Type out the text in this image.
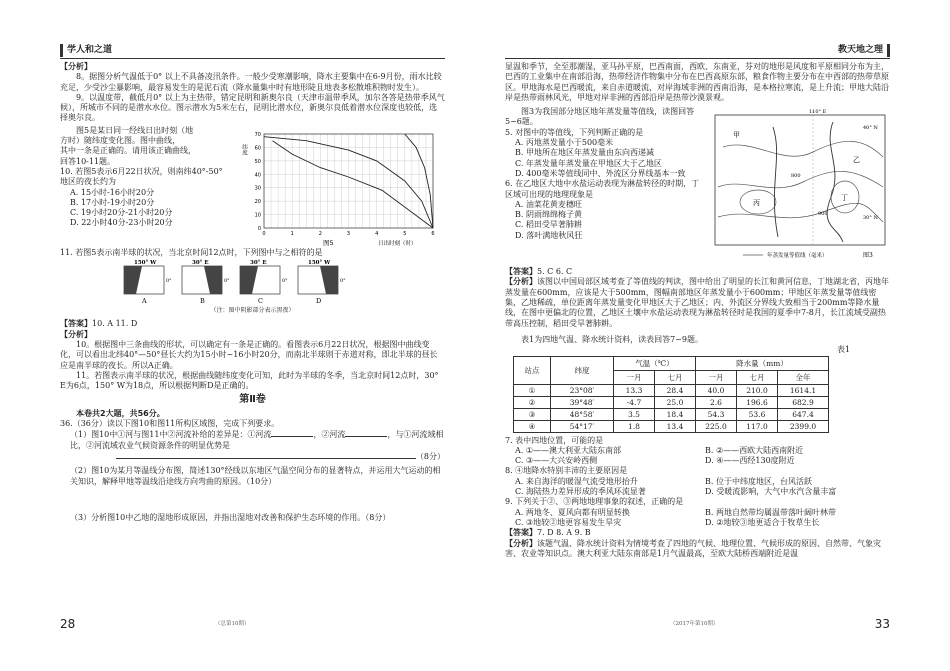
学人和之道

【分析】

8。据图分析气温低于0° 以上不具备凌汛条件。一般少受寒潮影响，降水主要集中在6-9月份，雨水比较充足，少受沙尘暴影响，最容易发生的是泥石流（降水量集中时有地形陡且地表多松散堆积物时发生）。

9。以温度带，截低月0° 以上为主热带，错定昆明和新奥尔良（天津市温带季风，加尔各答是热带季风气候），所城市不同的是潜水水位。图示潜水为5米左右，昆明比潜水位，新奥尔良低着潜水位深度也较低，选择奥尔良。

图5是某日同一经线日出时刻（地

方时）随纬度变化图。图中曲线，

其中一条是正确的。请用该正确曲线，

回答10-11题。

10. 若图5表示6月22日状况，则南纬40°-50°地区的夜长约为

A. 15小时-16小时20分

B. 17小时-19小时20分

C. 19小时20分-21小时20分

D. 22小时40分-23小时20分

0
10
20
30
40
50
60
70
0	1	2	3	4	5	6
纬度
图5	日出时刻（时）

11. 若图5表示南半球的状况，当北京时间12点时，下列图中与之相符的是

150° W
0°
A
30° E
0°
B
30° E
0°
C
150° W
0°
D

（注：图中阴影部分表示黑夜）

【答案】10. A 11. D

【分析】

10。根据图中三条曲线的形状，可以确定有一条是正确的。看图表示6月22日状况，根据图中曲线变化，可以看出北纬40°—50°昼长大约为15小时~16小时20分，而南北半球则于赤道对称，即北半球的昼长应是南半球的夜长。所以A正确。

11。若图表示南半球的状况，根据曲线随纬度变化可知，此时为半球的冬季，当北京时间12点时，30° E为6点，150° W为18点，所以根据判断D是正确的。

第Ⅱ卷

本卷共2大题，共56分。

36.（36分）读以下图10和图11所构区域图，完成下列要求。

（1）图10中①河与图11中②河流补给的差异是：①河流	，②河流	，与①河流域相比，②河流域农业气候资源条件的明显优势是

（8分）

（2）图10为某月等温线分布图，简述130°经线以东地区气温空间分布的显著特点，并运用大气运动的相关知识，解释甲地等温线沿途线方向弯曲的原因。（10分）

（3）分析图10中乙地的湿地形成原因，并指出湿地对改善和保护生态环境的作用。（8分）

28	（总第10期）
教天地之理

显温和季节，全至那潮湿，亚马孙平原，巴西南面，西欧、东南亚，芬对的地形是风度和平原相同分布为主，巴西的工业集中在南部沿海，热带经济作物集中分布在巴西高原东部，粮食作物主要分布在中西部的热带草原区。甲地海水是巴西暖流，来自赤道暖流，对岸海域非洲的西南沿海，是本格拉寒流，是上升流；甲地大陆沿岸是热带雨林风光，甲地对岸非洲的西部沿岸是热带沙漠景观。

图3为我国部分地区地年蒸发量等值线，读图回答5~6题。

5. 对图中的等值线，下列判断正确的是

A. 丙地蒸发量小于500毫米

B. 甲地所在地区年蒸发量由东向西递减

C. 年蒸发量年蒸发量在甲地区大于乙地区

D. 400毫米等值线同中、外流区分界线基本一致

6. 在乙地区大地中水盐运动表现为淋盐转径的时期，丁区域可出现的地理现象是

A. 油菜花黄麦穗旺

B. 阴雨绵绵梅子黄

C. 稻田受旱著肺耕

D. 落叶满地秋风狂

110° E
40° N
30° N
甲
乙
丙
丁
800
900
年蒸发量等值线（毫米）	图3

【答案】5. C 6. C

【分析】该图以中国局部区域考查了等值线的判读，图中给出了明显的长江和黄河信息，丁地湖北省，丙地年蒸发量在600mm，应该是大于500mm，图幅南部地区年蒸发量小于600mm；甲地区年蒸发量等值线密集，乙地稀疏，单位距离年蒸发量变化甲地区大于乙地区；内、外流区分界线大致相当于200mm等降水量线，在图中更偏北的位置，乙地区土壤中水盐运动表现为淋盐转径时是我国的夏季中7-8月，长江流域受副热带高压控制，稻田受旱著肺耕。

表1为四地气温、降水统计资料，读表回答7~9题。

表1

站点	纬度	气温（℃）		降水量（mm）		
		一月	七月	一月	七月	全年
①	23°08′	13.3	28.4	40.0	210.0	1614.1
②	39°48′	-4.7	25.0	2.6	196.6	682.9
③	48°58′	3.5	18.4	54.3	53.6	647.4
④	54°17′	1.8	13.4	225.0	117.0	2399.0

7. 表中四地位置，可能的是

A. ①——澳大利亚大陆东南部

C. ③——大兴安岭西侧

B. ②——西欧大陆西南附近

D. ④——西经130度附近

8. ④地降水特别丰沛的主要原因是

A. 来自海洋的暖湿气流受地形抬升

C. 海陆热力差异形成的季风环流显著

B. 位于中纬度地区，台风活跃

D. 受暖流影响，大气中水汽含量丰富

9. 下列关于②、③两地地理事象的叙述，正确的是

A. 两地冬、夏风向都有明显转换

C. ③地较②地更容易发生旱灾

B. 两地自然带均属温带落叶阔叶林带

D. ②地较③地更适合于牧草生长

【答案】7. D 8. A 9. B

【分析】该题气温、降水统计资料为情境考查了四地的气候、地理位置、气候形成的原因、自然带、气象灾害、农业等知识点。澳大利亚大陆东南部是1月气温最高，至欧大陆桥西端附近是温

33
（2017年第10期）
